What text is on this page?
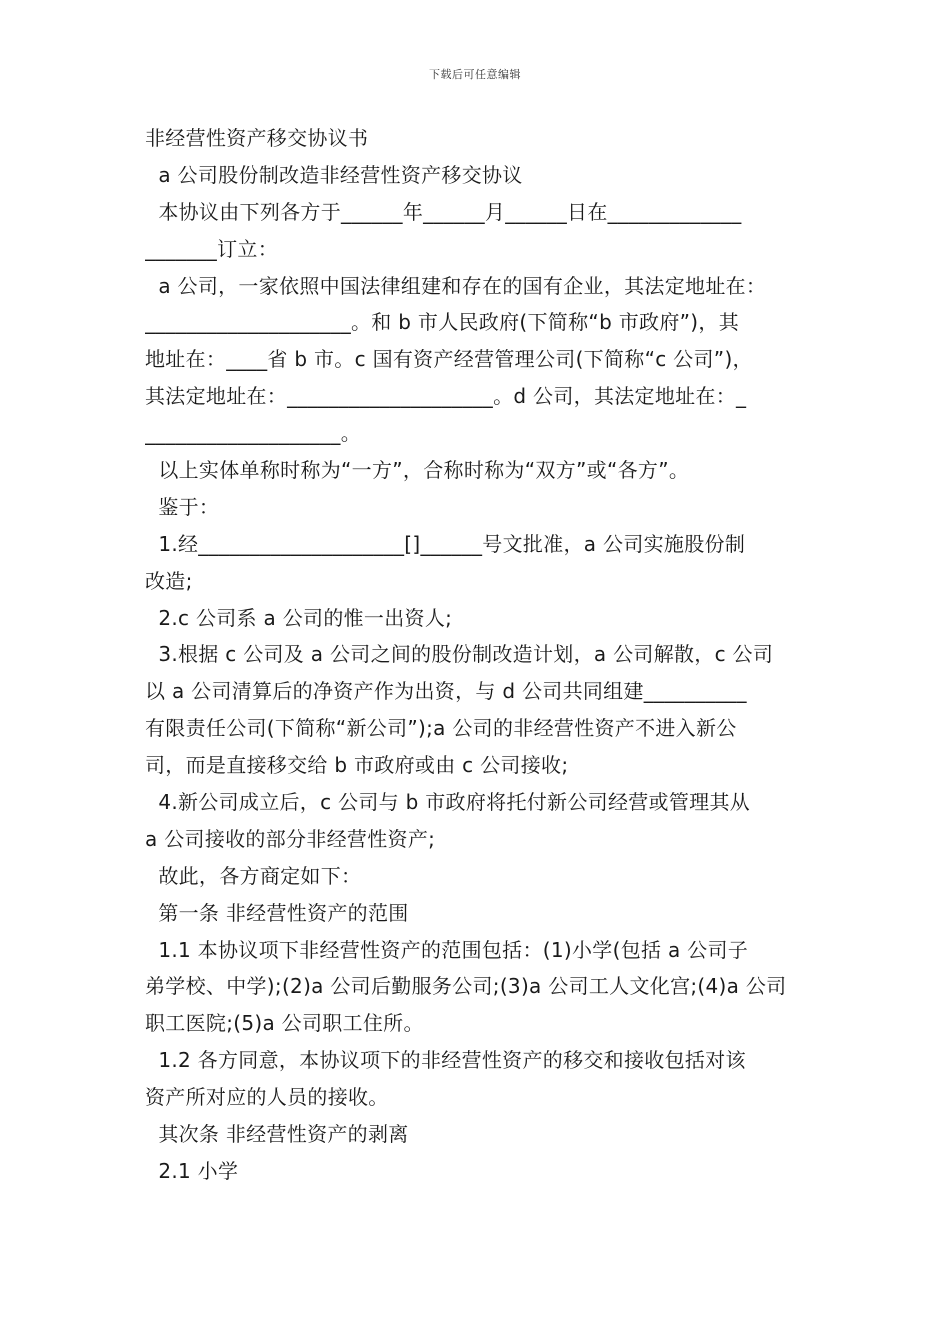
下载后可任意编辑
非经营性资产移交协议书
a 公司股份制改造非经营性资产移交协议
本协议由下列各方于______年______月______日在_____________
_______订立：
a 公司，一家依照中国法律组建和存在的国有企业，其法定地址在：
____________________。和 b 市人民政府(下简称“b 市政府”)，其
地址在：____省 b 市。c 国有资产经营管理公司(下简称“c 公司”)，
其法定地址在：____________________。d 公司，其法定地址在：_
___________________。
以上实体单称时称为“一方”，合称时称为“双方”或“各方”。
鉴于：
1.经____________________[]______号文批准，a 公司实施股份制
改造;
2.c 公司系 a 公司的惟一出资人;
3.根据 c 公司及 a 公司之间的股份制改造计划，a 公司解散，c 公司
以 a 公司清算后的净资产作为出资，与 d 公司共同组建__________
有限责任公司(下简称“新公司”);a 公司的非经营性资产不进入新公
司，而是直接移交给 b 市政府或由 c 公司接收;
4.新公司成立后，c 公司与 b 市政府将托付新公司经营或管理其从
a 公司接收的部分非经营性资产;
故此，各方商定如下：
第一条 非经营性资产的范围
1.1 本协议项下非经营性资产的范围包括：(1)小学(包括 a 公司子
弟学校、中学);(2)a 公司后勤服务公司;(3)a 公司工人文化宫;(4)a 公司
职工医院;(5)a 公司职工住所。
1.2 各方同意，本协议项下的非经营性资产的移交和接收包括对该
资产所对应的人员的接收。
其次条 非经营性资产的剥离
2.1 小学
